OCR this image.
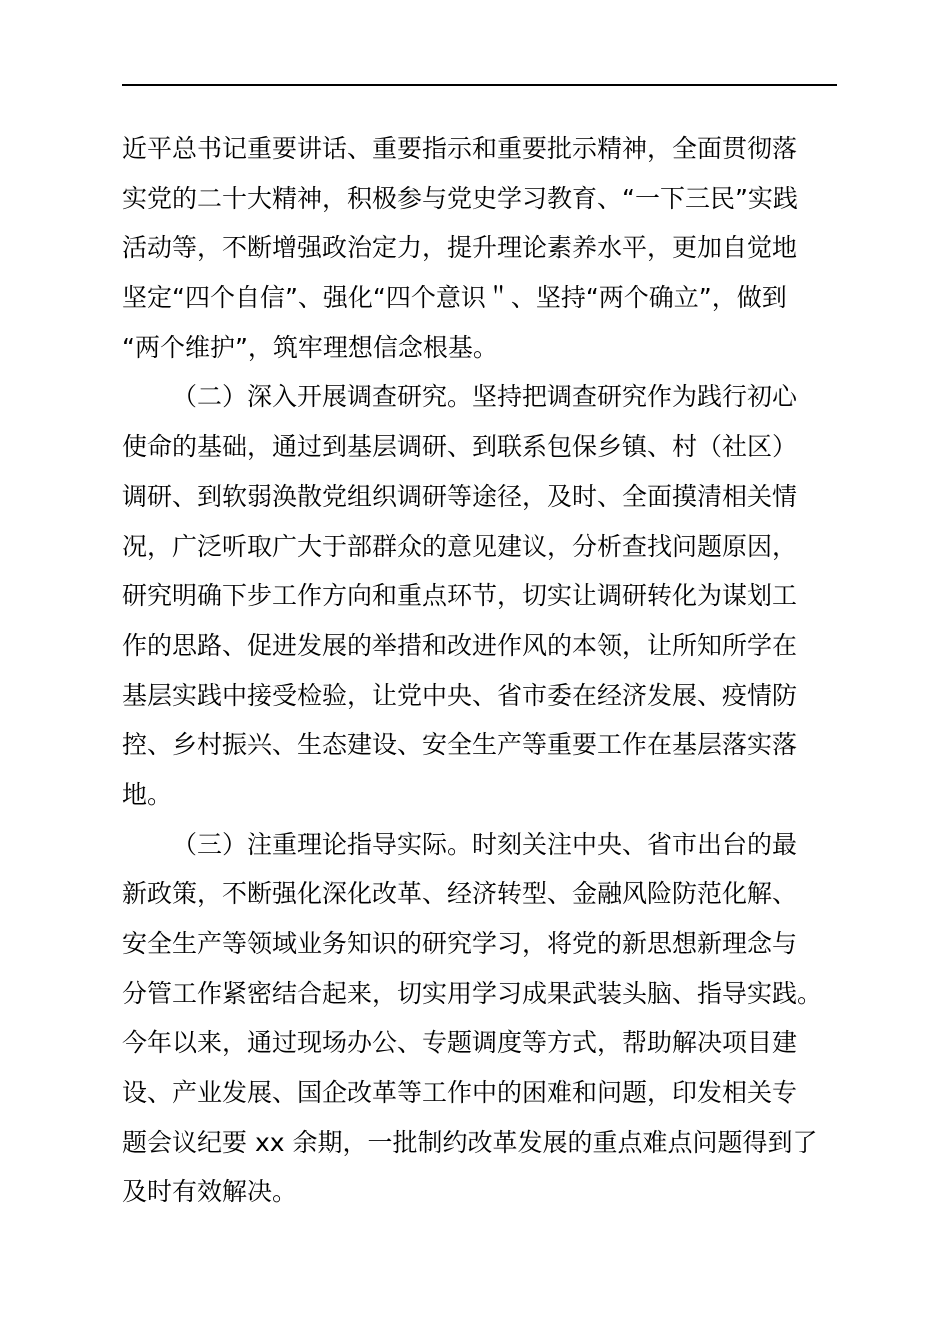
近平总书记重要讲话、重要指示和重要批示精神，全面贯彻落
实党的二十大精神，积极参与党史学习教育、“一下三民”实践
活动等，不断增强政治定力，提升理论素养水平，更加自觉地
坚定“四个自信”、强化“四个意识＂、坚持“两个确立”，做到
“两个维护”，筑牢理想信念根基。
（二）深入开展调查研究。坚持把调查研究作为践行初心
使命的基础，通过到基层调研、到联系包保乡镇、村（社区）
调研、到软弱涣散党组织调研等途径，及时、全面摸清相关情
况，广泛听取广大于部群众的意见建议，分析查找问题原因，
研究明确下步工作方向和重点环节，切实让调研转化为谋划工
作的思路、促进发展的举措和改进作风的本领，让所知所学在
基层实践中接受检验，让党中央、省市委在经济发展、疫情防
控、乡村振兴、生态建设、安全生产等重要工作在基层落实落
地。
（三）注重理论指导实际。时刻关注中央、省市出台的最
新政策，不断强化深化改革、经济转型、金融风险防范化解、
安全生产等领域业务知识的研究学习，将党的新思想新理念与
分管工作紧密结合起来，切实用学习成果武装头脑、指导实践。
今年以来，通过现场办公、专题调度等方式，帮助解决项目建
设、产业发展、国企改革等工作中的困难和问题，印发相关专
题会议纪要 xx 余期，一批制约改革发展的重点难点问题得到了
及时有效解决。
